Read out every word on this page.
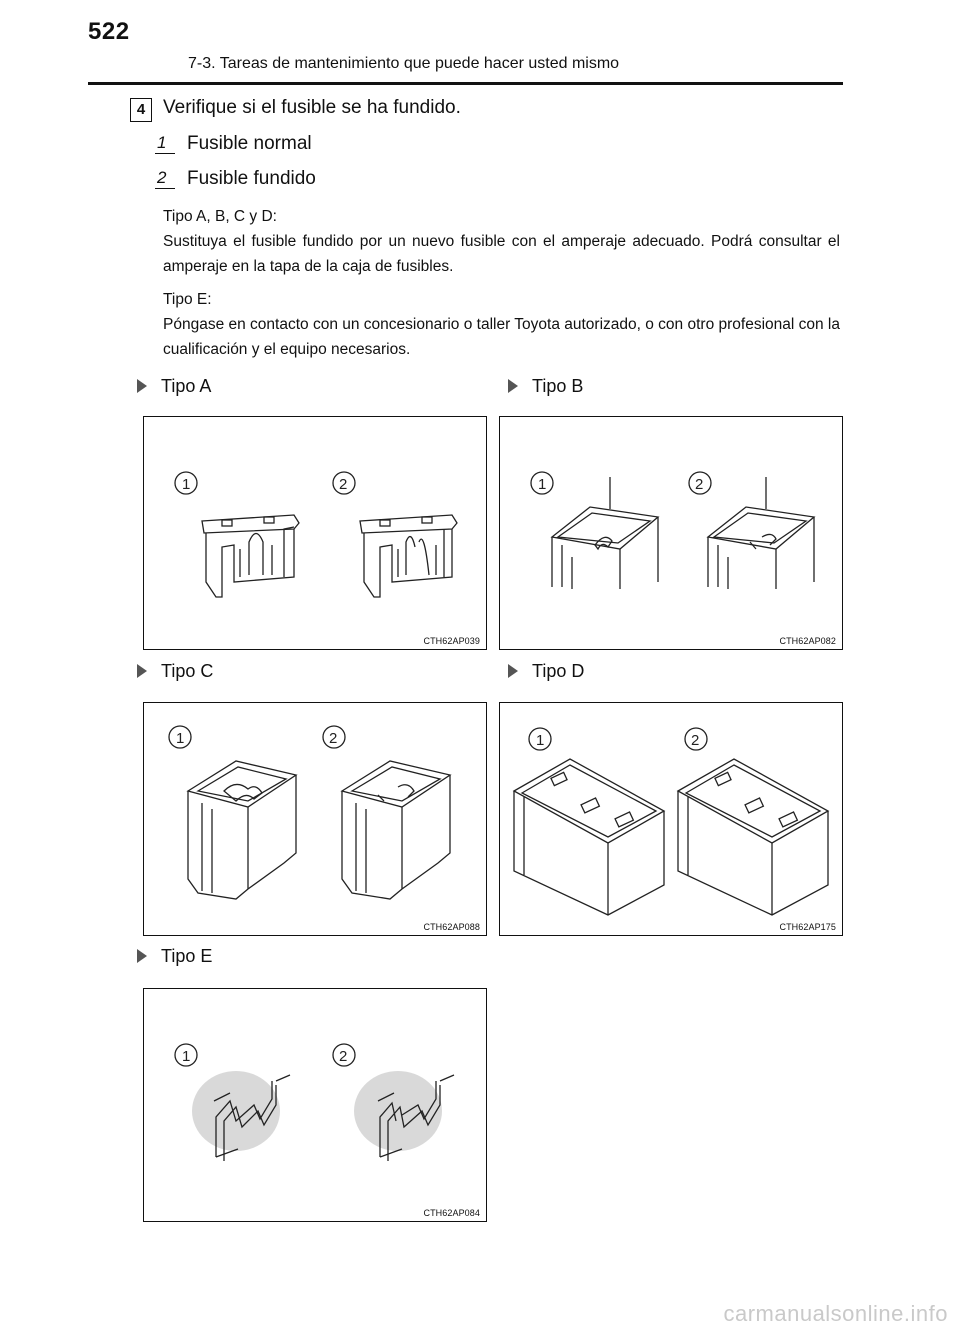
522
7-3. Tareas de mantenimiento que puede hacer usted mismo
4 Verifique si el fusible se ha fundido.
1 Fusible normal
2 Fusible fundido
Tipo A, B, C y D:
Sustituya el fusible fundido por un nuevo fusible con el amperaje adecuado. Podrá consultar el amperaje en la tapa de la caja de fusibles.
Tipo E:
Póngase en contacto con un concesionario o taller Toyota autorizado, o con otro profesional con la cualificación y el equipo necesarios.
Tipo A	Tipo B
Tipo C	Tipo D
Tipo E
1	2
CTH62AP039
1	2
CTH62AP082
1	2
CTH62AP088
1	2
CTH62AP175
1	2
CTH62AP084
carmanualsonline.info
